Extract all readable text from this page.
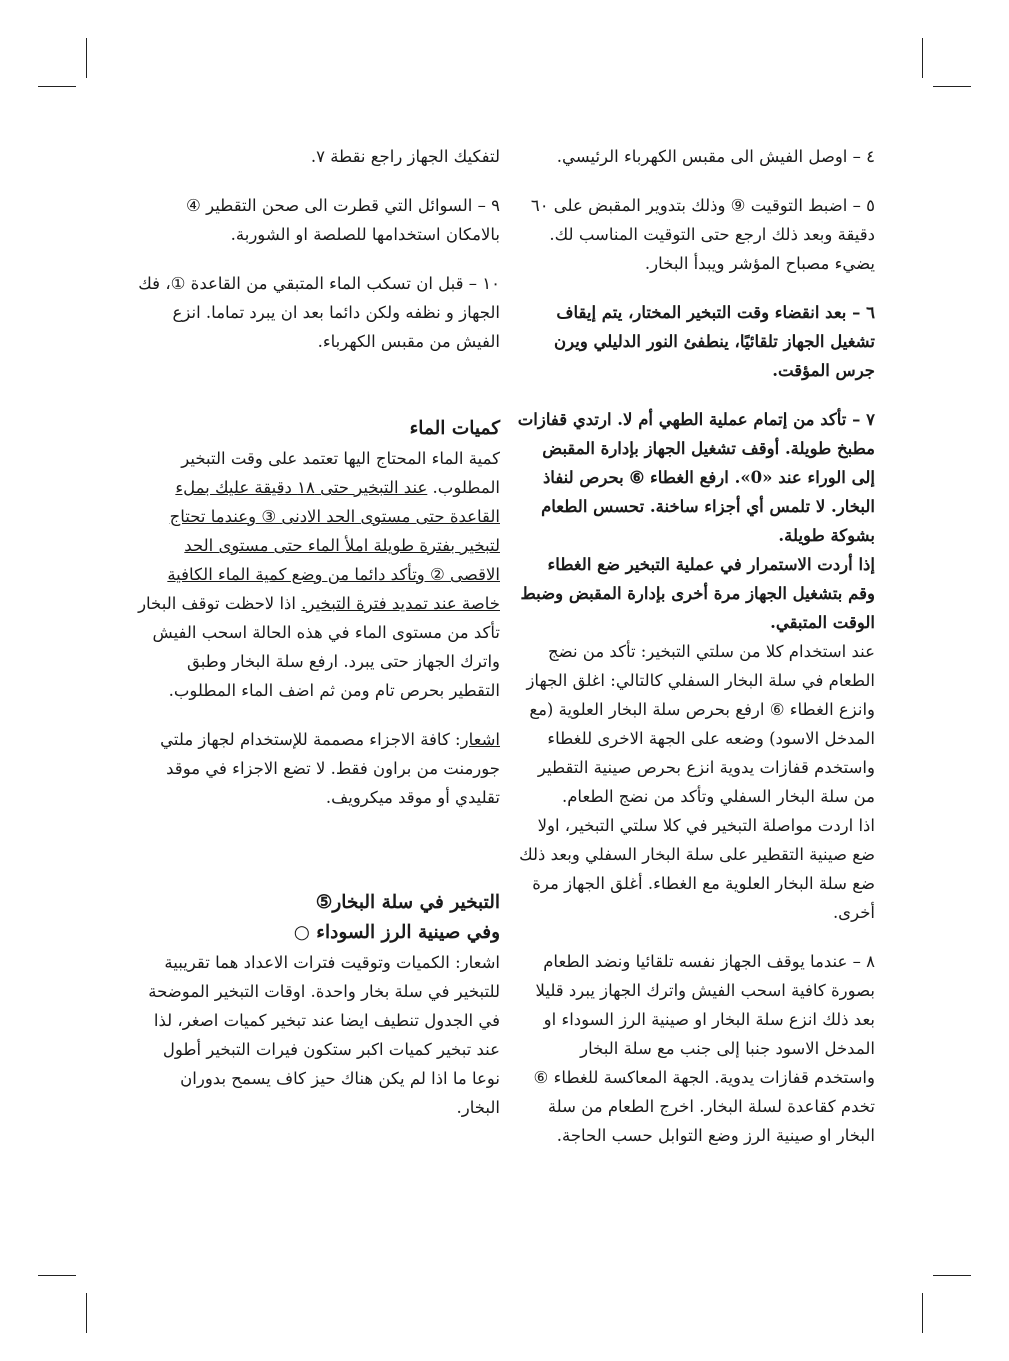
٤ – اوصل الفيش الى مقبس الكهرباء الرئيسي.

٥ – اضبط التوقيت ⑨ وذلك بتدوير المقبض على ٦٠ دقيقة وبعد ذلك ارجع حتى التوقيت المناسب لك. يضيء مصباح المؤشر ويبدأ البخار.

٦ – بعد انقضاء وقت التبخير المختار، يتم إيقاف تشغيل الجهاز تلقائيًا، ينطفئ النور الدليلي ويرن جرس المؤقت.

٧ – تأكد من إتمام عملية الطهي أم لا. ارتدي قفازات مطبخ طويلة. أوقف تشغيل الجهاز بإدارة المقبض إلى الوراء عند «0». ارفع الغطاء ⑥ بحرص لنفاذ البخار. لا تلمس أي أجزاء ساخنة. تحسس الطعام بشوكة طويلة.

إذا أردت الاستمرار في عملية التبخير ضع الغطاء وقم بتشغيل الجهاز مرة أخرى بإدارة المقبض وضبط الوقت المتبقي.

عند استخدام كلا من سلتي التبخير: تأكد من نضج الطعام في سلة البخار السفلي كالتالي: اغلق الجهاز وانزع الغطاء ⑥ ارفع بحرص سلة البخار العلوية (مع المدخل الاسود) وضعه على الجهة الاخرى للغطاء واستخدم قفازات يدوية انزع بحرص صينية التقطير من سلة البخار السفلي وتأكد من نضج الطعام.

اذا اردت مواصلة التبخير في كلا سلتي التبخير، اولا ضع صينية التقطير على سلة البخار السفلي وبعد ذلك ضع سلة البخار العلوية مع الغطاء. أغلق الجهاز مرة أخرى.

٨ – عندما يوقف الجهاز نفسه تلقائيا ونضد الطعام بصورة كافية اسحب الفيش واترك الجهاز يبرد قليلا بعد ذلك انزع سلة البخار او صينية الرز السوداء او المدخل الاسود جنبا إلى جنب مع سلة البخار واستخدم قفازات يدوية. الجهة المعاكسة للغطاء ⑥ تخدم كقاعدة لسلة البخار. اخرج الطعام من سلة البخار او صينية الرز وضع التوابل حسب الحاجة.

لتفكيك الجهاز راجع نقطة ٧.

٩ – السوائل التي قطرت الى صحن التقطير ④ بالامكان استخدامها للصلصة او الشوربة.

١٠ – قبل ان تسكب الماء المتبقي من القاعدة ①، فك الجهاز و نظفه ولكن دائما بعد ان يبرد تماما. انزع الفيش من مقبس الكهرباء.

كميات الماء

كمية الماء المحتاج اليها تعتمد على وقت التبخير المطلوب. عند التبخير حتى ١٨ دقيقة عليك بملء القاعدة حتى مستوى الحد الادنى ③ وعندما تحتاج لتبخير بفترة طويلة املأ الماء حتى مستوى الحد الاقصى ② وتأكد دائما من وضع كمية الماء الكافية خاصة عند تمديد فترة التبخير. اذا لاحظت توقف البخار تأكد من مستوى الماء في هذه الحالة اسحب الفيش واترك الجهاز حتى يبرد. ارفع سلة البخار وطبق التقطير بحرص تام ومن ثم اضف الماء المطلوب.

اشعار: كافة الاجزاء مصممة للإستخدام لجهاز ملتي جورمنت من براون فقط. لا تضع الاجزاء في موقد تقليدي أو موقد ميكرويف.

التبخير في سلة البخار⑤
وفي صينية الرز السوداء ○

اشعار: الكميات وتوقيت فترات الاعداد هما تقريبية للتبخير في سلة بخار واحدة. اوقات التبخير الموضحة في الجدول تنطيف ايضا عند تبخير كميات اصغر، لذا عند تبخير كميات اكبر ستكون فيرات التبخير أطول نوعا ما اذا لم يكن هناك حيز كاف يسمح بدوران البخار.
